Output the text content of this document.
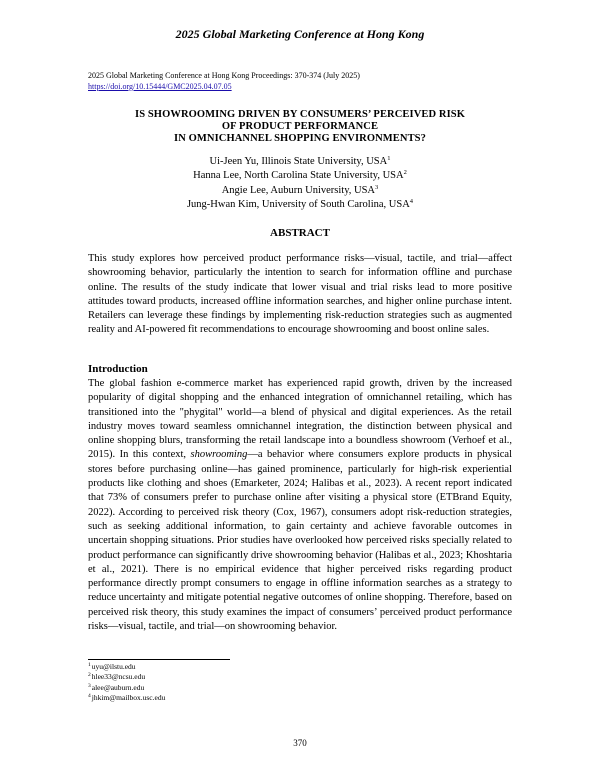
2025 Global Marketing Conference at Hong Kong
2025 Global Marketing Conference at Hong Kong Proceedings: 370-374 (July 2025)
https://doi.org/10.15444/GMC2025.04.07.05
IS SHOWROOMING DRIVEN BY CONSUMERS’ PERCEIVED RISK
OF PRODUCT PERFORMANCE
IN OMNICHANNEL SHOPPING ENVIRONMENTS?
Ui-Jeen Yu, Illinois State University, USA$^1$
Hanna Lee, North Carolina State University, USA$^2$
Angie Lee, Auburn University, USA$^3$
Jung-Hwan Kim, University of South Carolina, USA$^4$
ABSTRACT

This study explores how perceived product performance risks—visual, tactile, and trial—affect showrooming behavior, particularly the intention to search for information offline and purchase online. The results of the study indicate that lower visual and trial risks lead to more positive attitudes toward products, increased offline information searches, and higher online purchase intent. Retailers can leverage these findings by implementing risk-reduction strategies such as augmented reality and AI-powered fit recommendations to encourage showrooming and boost online sales.

Introduction

The global fashion e-commerce market has experienced rapid growth, driven by the increased popularity of digital shopping and the enhanced integration of omnichannel retailing, which has transitioned into the "phygital" world—a blend of physical and digital experiences. As the retail industry moves toward seamless omnichannel integration, the distinction between physical and online shopping blurs, transforming the retail landscape into a boundless showroom (Verhoef et al., 2015). In this context, showrooming—a behavior where consumers explore products in physical stores before purchasing online—has gained prominence, particularly for high-risk experiential products like clothing and shoes (Emarketer, 2024; Halibas et al., 2023). A recent report indicated that 73% of consumers prefer to purchase online after visiting a physical store (ETBrand Equity, 2022). According to perceived risk theory (Cox, 1967), consumers adopt risk-reduction strategies, such as seeking additional information, to gain certainty and achieve favorable outcomes in uncertain shopping situations. Prior studies have overlooked how perceived risks specially related to product performance can significantly drive showrooming behavior (Halibas et al., 2023; Khoshtaria et al., 2021). There is no empirical evidence that higher perceived risks regarding product performance directly prompt consumers to engage in offline information searches as a strategy to reduce uncertainty and mitigate potential negative outcomes of online shopping. Therefore, based on perceived risk theory, this study examines the impact of consumers’ perceived product performance risks—visual, tactile, and trial—on showrooming behavior.

$^1$uyu@ilstu.edu
$^2$hlee33@ncsu.edu
$^3$alee@auburn.edu
$^4$jhkim@mailbox.usc.edu
370
